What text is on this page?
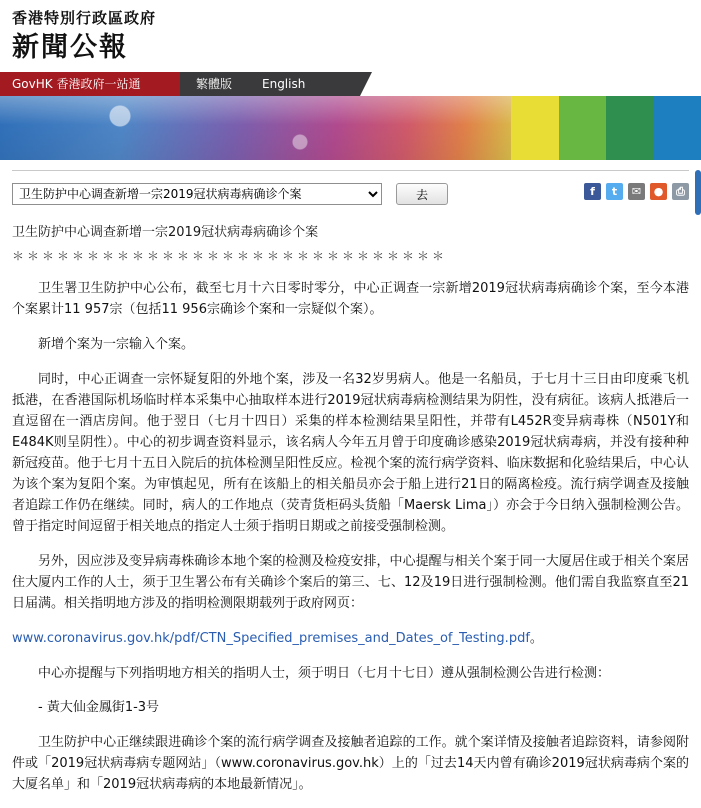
香港特別行政區政府
新聞公報
GovHK 香港政府一站通	繁體版 English
卫生防护中心调查新增一宗2019冠状病毒病确诊个案
去	f	t	✉	●	⎙
卫生防护中心调查新增一宗2019冠状病毒病确诊个案
＊＊＊＊＊＊＊＊＊＊＊＊＊＊＊＊＊＊＊＊＊＊＊＊＊＊＊＊＊

卫生署卫生防护中心公布，截至七月十六日零时零分，中心正调查一宗新增2019冠状病毒病确诊个案，至今本港个案累计11 957宗（包括11 956宗确诊个案和一宗疑似个案）。

新增个案为一宗输入个案。

同时，中心正调查一宗怀疑复阳的外地个案，涉及一名32岁男病人。他是一名船员，于七月十三日由印度乘飞机抵港，在香港国际机场临时样本采集中心抽取样本进行2019冠状病毒病检测结果为阴性，没有病征。该病人抵港后一直逗留在一酒店房间。他于翌日（七月十四日）采集的样本检测结果呈阳性，并带有L452R变异病毒株（N501Y和E484K则呈阴性）。中心的初步调查资料显示，该名病人今年五月曾于印度确诊感染2019冠状病毒病，并没有接种种新冠疫苗。他于七月十五日入院后的抗体检测呈阳性反应。检视个案的流行病学资料、临床数据和化验结果后，中心认为该个案为复阳个案。为审慎起见，所有在该船上的相关船员亦会于船上进行21日的隔离检疫。流行病学调查及接触者追踪工作仍在继续。同时，病人的工作地点（荧青货柜码头货船「Maersk Lima」）亦会于今日纳入强制检测公告。曾于指定时间逗留于相关地点的指定人士须于指明日期或之前接受强制检测。

另外，因应涉及变异病毒株确诊本地个案的检测及检疫安排，中心提醒与相关个案于同一大厦居住或于相关个案居住大厦内工作的人士，须于卫生署公布有关确诊个案后的第三、七、12及19日进行强制检测。他们需自我监察直至21日届满。相关指明地方涉及的指明检测限期载列于政府网页：

www.coronavirus.gov.hk/pdf/CTN_Specified_premises_and_Dates_of_Testing.pdf。

中心亦提醒与下列指明地方相关的指明人士，须于明日（七月十七日）遵从强制检测公告进行检测：

- 黃大仙金鳳街1-3号

卫生防护中心正继续跟进确诊个案的流行病学调查及接触者追踪的工作。就个案详情及接触者追踪资料，请参阅附件或「2019冠状病毒病专题网站」（www.coronavirus.gov.hk）上的「过去14天内曾有确诊2019冠状病毒病个案的大厦名单」和「2019冠状病毒病的本地最新情况」。
